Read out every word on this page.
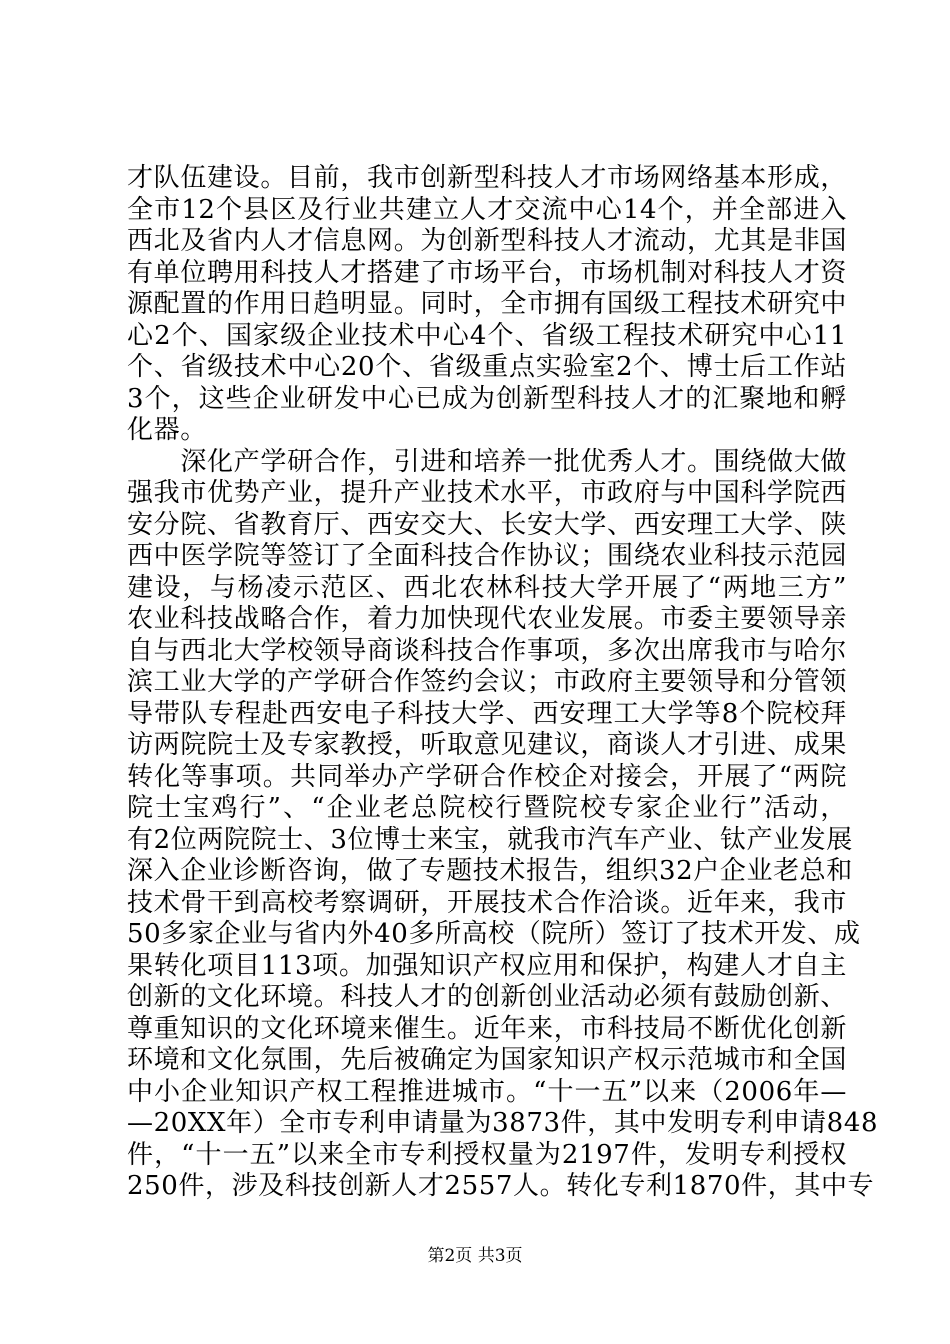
才队伍建设。目前，我市创新型科技人才市场网络基本形成，
全市12个县区及行业共建立人才交流中心14个，并全部进入
西北及省内人才信息网。为创新型科技人才流动，尤其是非国
有单位聘用科技人才搭建了市场平台，市场机制对科技人才资
源配置的作用日趋明显。同时，全市拥有国级工程技术研究中
心2个、国家级企业技术中心4个、省级工程技术研究中心11
个、省级技术中心20个、省级重点实验室2个、博士后工作站
3个，这些企业研发中心已成为创新型科技人才的汇聚地和孵
化器。
　　深化产学研合作，引进和培养一批优秀人才。围绕做大做
强我市优势产业，提升产业技术水平，市政府与中国科学院西
安分院、省教育厅、西安交大、长安大学、西安理工大学、陕
西中医学院等签订了全面科技合作协议；围绕农业科技示范园
建设，与杨凌示范区、西北农林科技大学开展了“两地三方”
农业科技战略合作，着力加快现代农业发展。市委主要领导亲
自与西北大学校领导商谈科技合作事项，多次出席我市与哈尔
滨工业大学的产学研合作签约会议；市政府主要领导和分管领
导带队专程赴西安电子科技大学、西安理工大学等8个院校拜
访两院院士及专家教授，听取意见建议，商谈人才引进、成果
转化等事项。共同举办产学研合作校企对接会，开展了“两院
院士宝鸡行”、“企业老总院校行暨院校专家企业行”活动，
有2位两院院士、3位博士来宝，就我市汽车产业、钛产业发展
深入企业诊断咨询，做了专题技术报告，组织32户企业老总和
技术骨干到高校考察调研，开展技术合作洽谈。近年来，我市
50多家企业与省内外40多所高校（院所）签订了技术开发、成
果转化项目113项。加强知识产权应用和保护，构建人才自主
创新的文化环境。科技人才的创新创业活动必须有鼓励创新、
尊重知识的文化环境来催生。近年来，市科技局不断优化创新
环境和文化氛围，先后被确定为国家知识产权示范城市和全国
中小企业知识产权工程推进城市。“十一五”以来（2006年—
—20XX年）全市专利申请量为3873件，其中发明专利申请848
件，“十一五”以来全市专利授权量为2197件，发明专利授权
250件，涉及科技创新人才2557人。转化专利1870件，其中专
第2页 共3页
